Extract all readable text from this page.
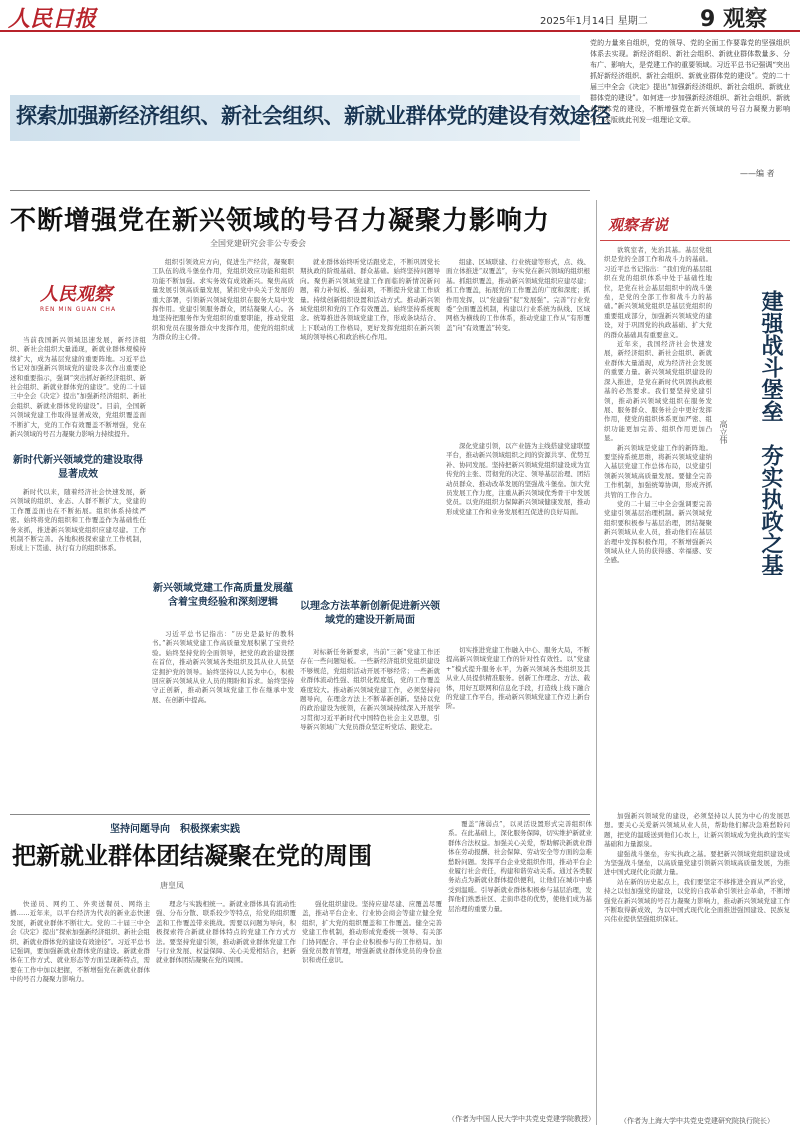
人民日报	2025年1月14日 星期二 9 观察
探索加强新经济组织、新社会组织、新就业群体党的建设有效途径
党的力量来自组织，党的领导、党的全面工作要靠党的坚强组织体系去实现。新经济组织、新社会组织、新就业群体数量多、分布广、影响大，是党建工作的重要领域。习近平总书记强调“突出抓好新经济组织、新社会组织、新就业群体党的建设”。党的二十届三中全会《决定》提出“加强新经济组织、新社会组织、新就业群体党的建设”。如何进一步加强新经济组织、新社会组织、新就业群体党的建设，不断增强党在新兴领域的号召力凝聚力影响力？本版就此刊发一组理论文章。
——编 者
不断增强党在新兴领域的号召力凝聚力影响力
全国党建研究会非公专委会
人民观察
REN MIN GUAN CHA

当前我国新兴领域迅速发展，新经济组织、新社会组织大量涌现，新就业群体规模持续扩大，成为基层党建的重要阵地。习近平总书记对加强新兴领域党的建设多次作出重要论述和重要指示，强调“突出抓好新经济组织、新社会组织、新就业群体党的建设”。党的二十届三中全会《决定》提出“加强新经济组织、新社会组织、新就业群体党的建设”。目前，全国新兴领域党建工作取得显著成效，党组织覆盖面不断扩大，党的工作有效覆盖不断增强，党在新兴领域的号召力凝聚力影响力持续提升。

新时代新兴领域党的建设取得显著成效

新时代以来，随着经济社会快速发展，新兴领域的组织、业态、人群不断扩大，党建的工作覆盖面也在不断拓展。组织体系持续严密。始终将党的组织和工作覆盖作为基础性任务来抓，推进新兴领域党组织应建尽建。工作机制不断完善。各地积极探索建立工作机制，形成上下贯通、执行有力的组织体系。

组织引领效应方向，促进生产经营，凝聚职工队伍的战斗堡垒作用，党组织效应功能和组织功能不断加强。求实务效有成效新兴。聚焦高质量发展引领高质量发展，紧扣党中央关于发展的重大部署，引领新兴领域党组织在服务大局中发挥作用。党建引领服务群众，团结凝聚人心。各地坚持把服务作为党组织的重要职能，推动党组织和党员在服务群众中发挥作用，使党的组织成为群众的主心骨。

新兴领域党建工作高质量发展蕴含着宝贵经验和深刻逻辑

习近平总书记指出：“历史是最好的教科书。”新兴领域党建工作高质量发展积累了宝贵经验。始终坚持党的全面领导，把党的政治建设摆在首位，推动新兴领域各类组织及其从业人员坚定拥护党的领导。始终坚持以人民为中心，积极回应新兴领域从业人员的期盼和诉求。始终坚持守正创新，推动新兴领域党建工作在继承中发展、在创新中提高。

就业群体始终听党话跟党走，不断巩固党长期执政的阶级基础、群众基础。始终坚持问题导向。聚焦新兴领域党建工作面临的新情况新问题，着力补短板、强弱项，不断提升党建工作质量。持续创新组织设置和活动方式。推动新兴领域党组织和党的工作有效覆盖。始终坚持系统观念。统筹推进各领域党建工作，形成条块结合、上下联动的工作格局，更好发挥党组织在新兴领域的领导核心和政治核心作用。

以理念方法革新创新促进新兴领域党的建设开新局面

对标新任务新要求，当前“三新”党建工作还存在一些问题短板。一些新经济组织党组织建设不够规范，党组织活动开展不够经常；一些新就业群体流动性强、组织化程度低，党的工作覆盖难度较大。推动新兴领域党建工作，必须坚持问题导向，在理念方法上不断革新创新。坚持以党的政治建设为统领，在新兴领域持续深入开展学习贯彻习近平新时代中国特色社会主义思想，引导新兴领域广大党员群众坚定听党话、跟党走。

组建、区域联建、行业统建等形式，点、线、面立体推进“双覆盖”，夯实党在新兴领域的组织根基。抓组织覆盖，推动新兴领域党组织应建尽建；抓工作覆盖，拓展党的工作覆盖的广度和深度；抓作用发挥，以“党建强”促“发展强”。完善“行业党委”全面覆盖机制，构建以行业系统为纵线、区域网格为横线的工作体系，推动党建工作从“有形覆盖”向“有效覆盖”转变。

深化党建引领，以产业链为主线搭建党建联盟平台，推动新兴领域组织之间的资源共享、优势互补、协同发展。坚持把新兴领域党组织建设成为宣传党的主张、贯彻党的决定、领导基层治理、团结动员群众、推动改革发展的坚强战斗堡垒。加大党员发展工作力度，注重从新兴领域优秀骨干中发展党员。以党的组织力保障新兴领域健康发展，推动形成党建工作和业务发展相互促进的良好局面。

切实推进党建工作融入中心、服务大局，不断提高新兴领域党建工作的针对性有效性。以“党建+”模式提升服务水平，为新兴领域各类组织及其从业人员提供精准服务。创新工作理念、方法、载体，用好互联网和信息化手段，打造线上线下融合的党建工作平台，推动新兴领域党建工作迈上新台阶。

观察者说

欲筑室者，先治其基。基层党组织是党的全部工作和战斗力的基础。习近平总书记指出：“我们党的基层组织在党的组织体系中处于基础性地位，是党在社会基层组织中的战斗堡垒，是党的全部工作和战斗力的基础。”新兴领域党组织是基层党组织的重要组成部分，加强新兴领域党的建设，对于巩固党的执政基础、扩大党的群众基础具有重要意义。

近年来，我国经济社会快速发展，新经济组织、新社会组织、新就业群体大量涌现，成为经济社会发展的重要力量。新兴领域党组织建设的深入推进，是党在新时代巩固执政根基的必然要求。我们要坚持党建引领，推动新兴领域党组织在服务发展、服务群众、服务社会中更好发挥作用，使党的组织体系更加严密、组织功能更加完善、组织作用更加凸显。

新兴领域是党建工作的新阵地。要坚持系统思维，将新兴领域党建纳入基层党建工作总体布局，以党建引领新兴领域高质量发展。要健全完善工作机制，加强统筹协调，形成齐抓共管的工作合力。

党的二十届三中全会强调要完善党建引领基层治理机制。新兴领域党组织要积极参与基层治理，团结凝聚新兴领域从业人员，推动他们在基层治理中发挥积极作用，不断增强新兴领域从业人员的获得感、幸福感、安全感。	建强战斗堡垒　夯实执政之基
高立伟

加强新兴领域党的建设，必须坚持以人民为中心的发展思想。要关心关爱新兴领域从业人员，帮助他们解决急难愁盼问题，把党的温暖送到他们心坎上，让新兴领域成为党执政的坚实基础和力量源泉。

建强战斗堡垒，夯实执政之基。要把新兴领域党组织建设成为坚强战斗堡垒，以高质量党建引领新兴领域高质量发展，为推进中国式现代化贡献力量。

站在新的历史起点上，我们要坚定不移推进全面从严治党，持之以恒加强党的建设，以党的自我革命引领社会革命，不断增强党在新兴领域的号召力凝聚力影响力，推动新兴领域党建工作不断取得新成效，为以中国式现代化全面推进强国建设、民族复兴伟业提供坚强组织保证。

（作者为上海大学中共党史党建研究院执行院长）
坚持问题导向　积极探索实践
把新就业群体团结凝聚在党的周围
唐皇凤

快递员、网约工、外卖送餐员、网络主播……近年来，以平台经济为代表的新业态快速发展，新就业群体不断壮大。党的二十届三中全会《决定》提出“探索加强新经济组织、新社会组织、新就业群体党的建设有效途径”。习近平总书记强调，要加强新就业群体党的建设。新就业群体在工作方式、就业形态等方面呈现新特点，需要在工作中加以把握，不断增强党在新就业群体中的号召力凝聚力影响力。

理念与实践相统一。新就业群体具有流动性强、分布分散、联系较少等特点，给党的组织覆盖和工作覆盖带来挑战。需要以问题为导向，积极探索符合新就业群体特点的党建工作方式方法。要坚持党建引领，推动新就业群体党建工作与行业发展、权益保障、关心关爱相结合，把新就业群体团结凝聚在党的周围。

强化组织建设。坚持应建尽建、应覆盖尽覆盖，推动平台企业、行业协会商会等建立健全党组织，扩大党的组织覆盖和工作覆盖。健全完善党建工作机制，推动形成党委统一领导、有关部门协同配合、平台企业积极参与的工作格局。加强党员教育管理，增强新就业群体党员的身份意识和责任意识。

覆盖“薄弱点”，以灵活设置形式完善组织体系。在此基础上，深化服务保障，切实维护新就业群体合法权益。加强关心关爱，帮助解决新就业群体在劳动报酬、社会保障、劳动安全等方面的急难愁盼问题。发挥平台企业党组织作用，推动平台企业履行社会责任，构建和谐劳动关系。通过各类服务站点为新就业群体提供便利，让他们在城市中感受到温暖。引导新就业群体积极参与基层治理，发挥他们熟悉社区、走街串巷的优势，使他们成为基层治理的重要力量。

（作者为中国人民大学中共党史党建学院教授）
